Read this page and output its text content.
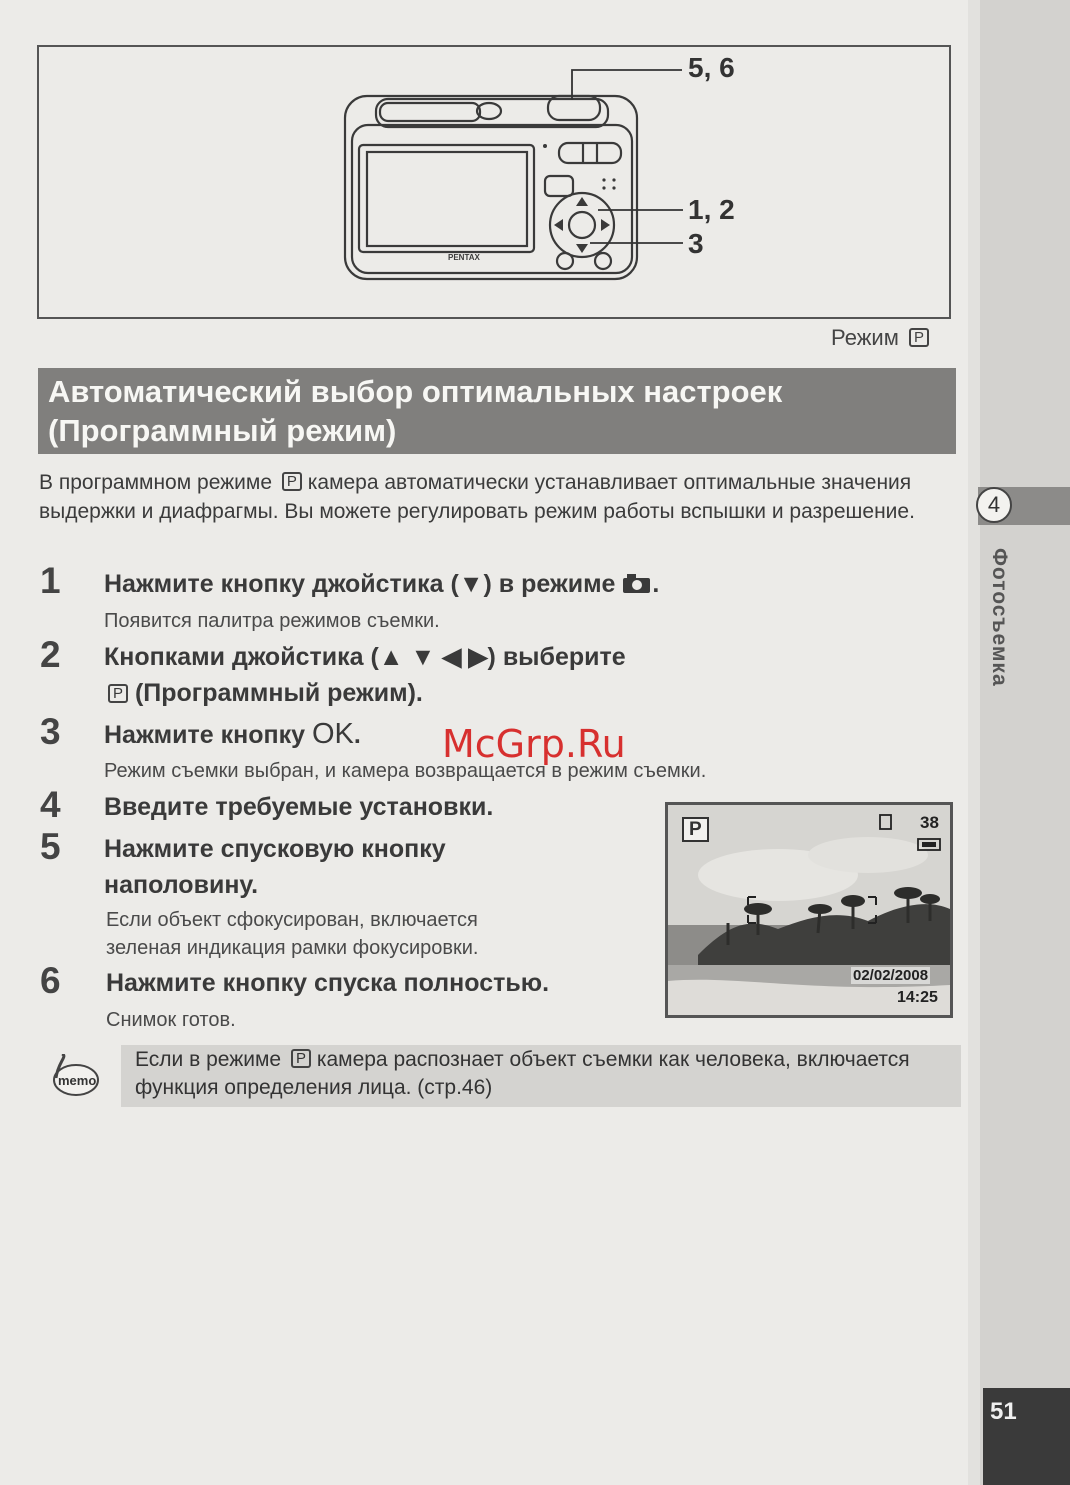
4
Фотосъемка
51
PENTAX
5, 6
1, 2
3
Режим P
Автоматический выбор оптимальных настроек
(Программный режим)
В программном режиме P камера автоматически устанавливает оптимальные значения выдержки и диафрагмы. Вы можете регулировать режим работы вспышки и разрешение.
1 Нажмите кнопку джойстика (▼) в режиме .
Появится палитра режимов съемки.
2 Кнопками джойстика (▲ ▼ ◀ ▶) выберите
P (Программный режим).
3 Нажмите кнопку OK.
Режим съемки выбран, и камера возвращается в режим съемки.
4 Введите требуемые установки.
5 Нажмите спусковую кнопку
наполовину.
Если объект сфокусирован, включается
зеленая индикация рамки фокусировки.
6 Нажмите кнопку спуска полностью.
Снимок готов.
McGrp.Ru
P	38
02/02/2008
14:25
memo
Если в режиме P камера распознает объект съемки как человека, включается функция определения лица. (стр.46)
